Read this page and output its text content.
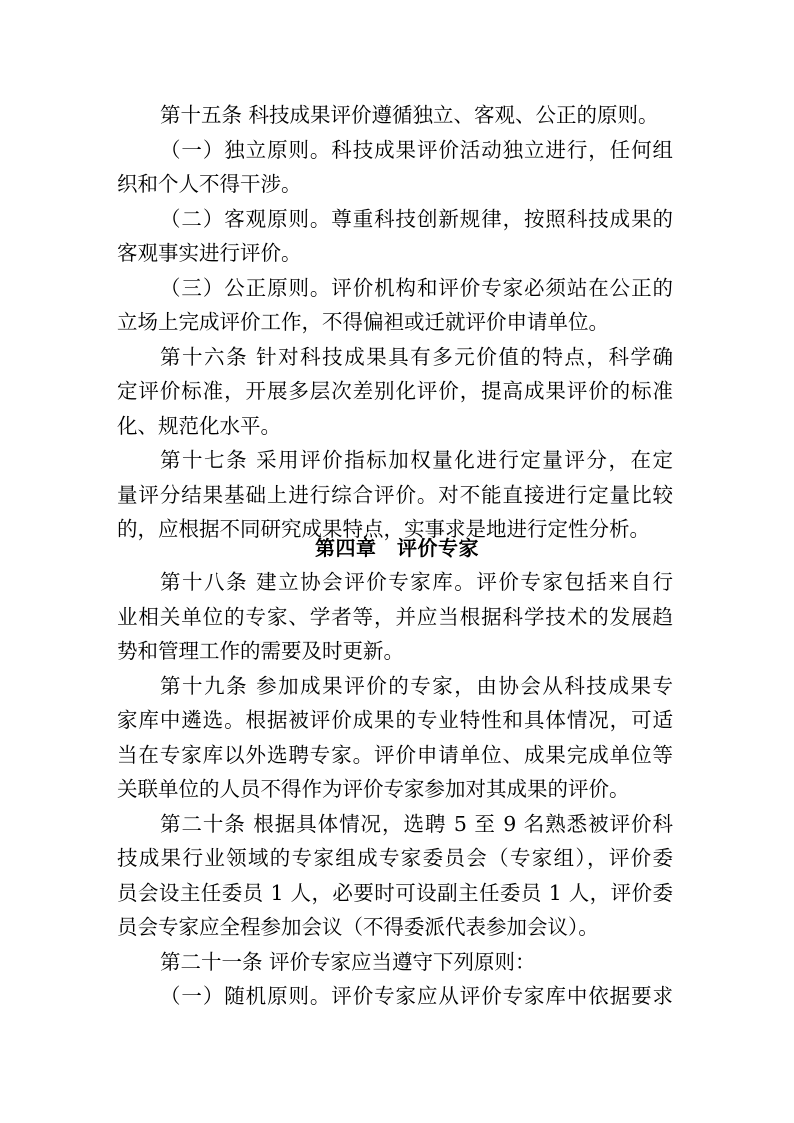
第十五条 科技成果评价遵循独立、客观、公正的原则。
（一）独立原则。科技成果评价活动独立进行，任何组
织和个人不得干涉。
（二）客观原则。尊重科技创新规律，按照科技成果的
客观事实进行评价。
（三）公正原则。评价机构和评价专家必须站在公正的
立场上完成评价工作，不得偏袒或迁就评价申请单位。
第十六条 针对科技成果具有多元价值的特点，科学确
定评价标准，开展多层次差别化评价，提高成果评价的标准
化、规范化水平。
第十七条 采用评价指标加权量化进行定量评分，在定
量评分结果基础上进行综合评价。对不能直接进行定量比较
的，应根据不同研究成果特点，实事求是地进行定性分析。
第四章　评价专家
第十八条 建立协会评价专家库。评价专家包括来自行
业相关单位的专家、学者等，并应当根据科学技术的发展趋
势和管理工作的需要及时更新。
第十九条 参加成果评价的专家，由协会从科技成果专
家库中遴选。根据被评价成果的专业特性和具体情况，可适
当在专家库以外选聘专家。评价申请单位、成果完成单位等
关联单位的人员不得作为评价专家参加对其成果的评价。
第二十条 根据具体情况，选聘 5 至 9 名熟悉被评价科
技成果行业领域的专家组成专家委员会（专家组），评价委
员会设主任委员 1 人，必要时可设副主任委员 1 人，评价委
员会专家应全程参加会议（不得委派代表参加会议）。
第二十一条 评价专家应当遵守下列原则：
（一）随机原则。评价专家应从评价专家库中依据要求
